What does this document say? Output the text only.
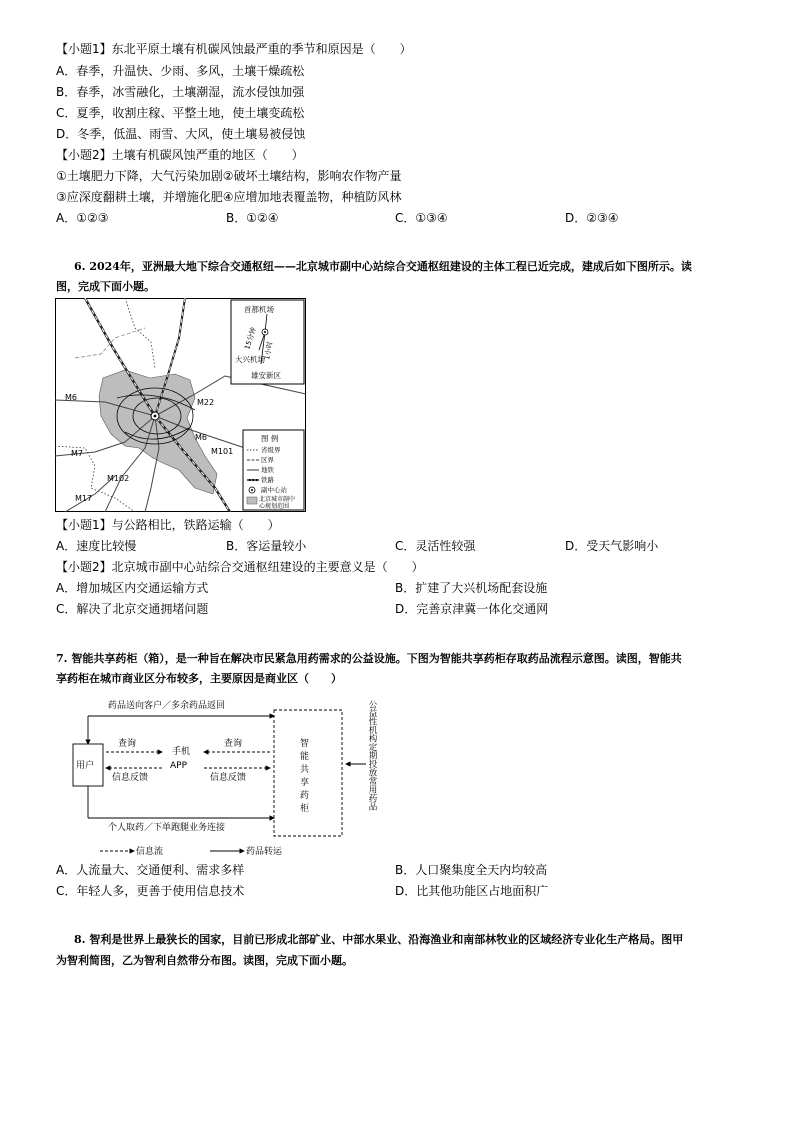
【小题1】东北平原土壤有机碳风蚀最严重的季节和原因是（　　）
A．春季，升温快、少雨、多风，土壤干燥疏松
B．春季，冰雪融化，土壤潮湿，流水侵蚀加强
C．夏季，收割庄稼、平整土地，使土壤变疏松
D．冬季，低温、雨雪、大风，使土壤易被侵蚀
【小题2】土壤有机碳风蚀严重的地区（　　）
①土壤肥力下降，大气污染加剧②破坏土壤结构，影响农作物产量
③应深度翻耕土壤，并增施化肥④应增加地表覆盖物，种植防风林
A．①②③	B．①②④	C．①③④	D．②③④
6. 2024年，亚洲最大地下综合交通枢纽——北京城市副中心站综合交通枢纽建设的主体工程已近完成，建成后如下图所示。读
图，完成下面小题。
M6
M22
M6
M7	M101
M102
M17
首都机场
15分钟 1小时
大兴机场
雄安新区
图 例
省级界
区界
地铁
铁路
副中心站
北京城市副中
心规划范围
【小题1】与公路相比，铁路运输（　　）
A．速度比较慢	B．客运量较小	C．灵活性较强	D．受天气影响小
【小题2】北京城市副中心站综合交通枢纽建设的主要意义是（　　）
A．增加城区内交通运输方式	B．扩建了大兴机场配套设施
C．解决了北京交通拥堵问题	D．完善京津冀一体化交通网
7. 智能共享药柜（箱），是一种旨在解决市民紧急用药需求的公益设施。下图为智能共享药柜存取药品流程示意图。读图，智能共
享药柜在城市商业区分布较多，主要原因是商业区（　　）
药品送向客户／多余药品返回
用户
查询
信息反馈
手机
APP
查询
信息反馈	智能共享药柜
个人取药／下单跑腿业务连接
公益性机构定期投放常用药品
信息流	药品转运
A．人流量大、交通便利、需求多样	B．人口聚集度全天内均较高
C．年轻人多，更善于使用信息技术	D．比其他功能区占地面积广
8. 智利是世界上最狭长的国家，目前已形成北部矿业、中部水果业、沿海渔业和南部林牧业的区域经济专业化生产格局。图甲
为智利简图，乙为智利自然带分布图。读图，完成下面小题。
